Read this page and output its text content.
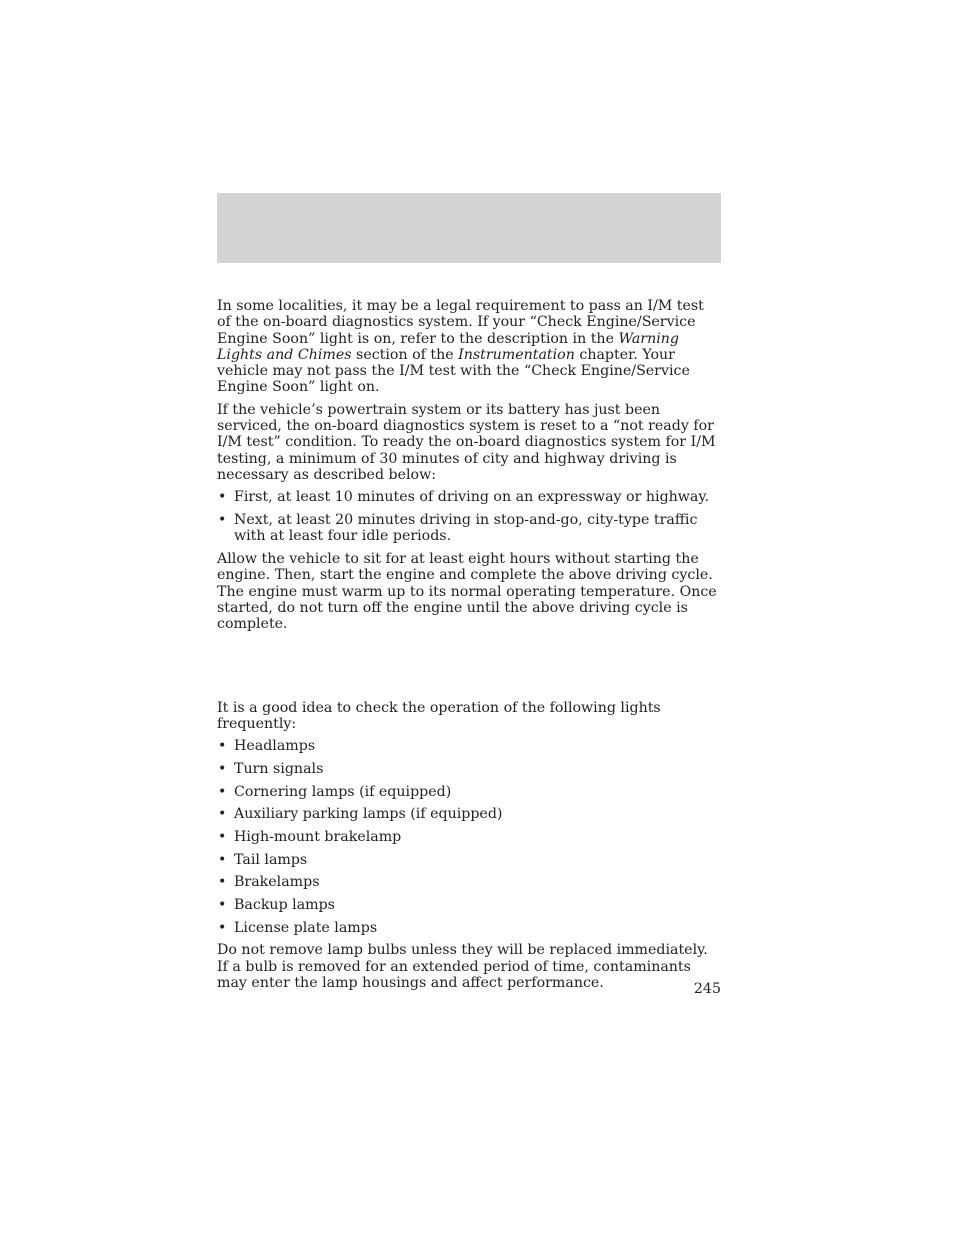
In some localities, it may be a legal requirement to pass an I/M test of the on-board diagnostics system. If your “Check Engine/Service Engine Soon” light is on, refer to the description in the Warning Lights and Chimes section of the Instrumentation chapter. Your vehicle may not pass the I/M test with the “Check Engine/Service Engine Soon” light on.

If the vehicle’s powertrain system or its battery has just been serviced, the on-board diagnostics system is reset to a “not ready for I/M test” condition. To ready the on-board diagnostics system for I/M testing, a minimum of 30 minutes of city and highway driving is necessary as described below:

• First, at least 10 minutes of driving on an expressway or highway.
• Next, at least 20 minutes driving in stop-and-go, city-type traffic with at least four idle periods.

Allow the vehicle to sit for at least eight hours without starting the engine. Then, start the engine and complete the above driving cycle. The engine must warm up to its normal operating temperature. Once started, do not turn off the engine until the above driving cycle is complete.

It is a good idea to check the operation of the following lights frequently:

• Headlamps
• Turn signals
• Cornering lamps (if equipped)
• Auxiliary parking lamps (if equipped)
• High-mount brakelamp
• Tail lamps
• Brakelamps
• Backup lamps
• License plate lamps

Do not remove lamp bulbs unless they will be replaced immediately. If a bulb is removed for an extended period of time, contaminants may enter the lamp housings and affect performance.	245
